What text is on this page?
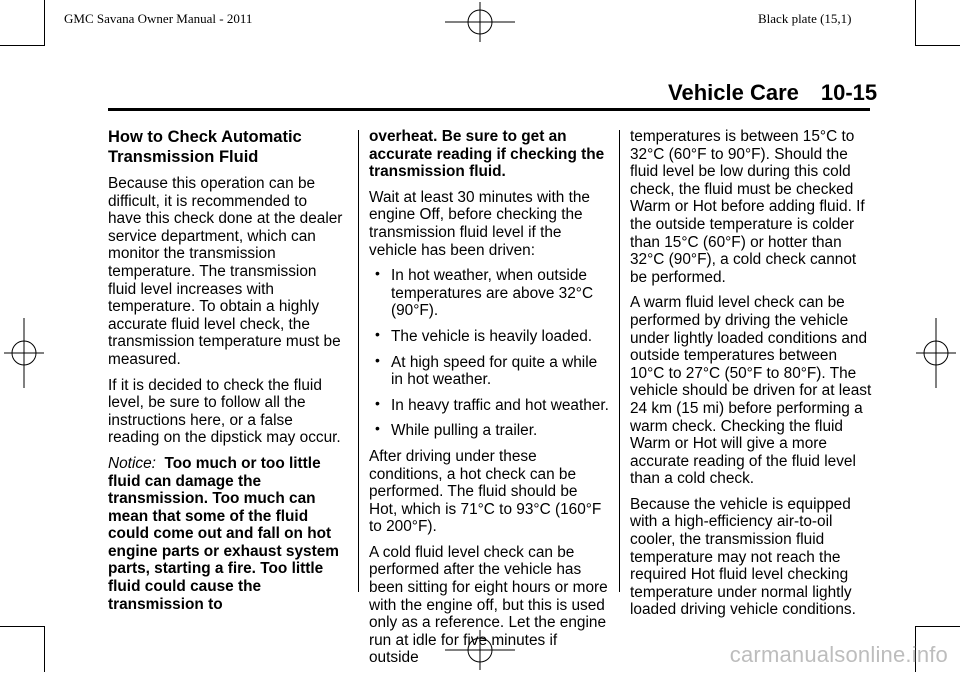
GMC Savana Owner Manual - 2011	Black plate (15,1)
Vehicle Care 10-15
How to Check Automatic Transmission Fluid

Because this operation can be difficult, it is recommended to have this check done at the dealer service department, which can monitor the transmission temperature. The transmission fluid level increases with temperature. To obtain a highly accurate fluid level check, the transmission temperature must be measured.

If it is decided to check the fluid level, be sure to follow all the instructions here, or a false reading on the dipstick may occur.

Notice: Too much or too little fluid can damage the transmission. Too much can mean that some of the fluid could come out and fall on hot engine parts or exhaust system parts, starting a fire. Too little fluid could cause the transmission to

overheat. Be sure to get an accurate reading if checking the transmission fluid.

Wait at least 30 minutes with the engine Off, before checking the transmission fluid level if the vehicle has been driven:

• In hot weather, when outside temperatures are above 32°C (90°F).
• The vehicle is heavily loaded.
• At high speed for quite a while in hot weather.
• In heavy traffic and hot weather.
• While pulling a trailer.

After driving under these conditions, a hot check can be performed. The fluid should be Hot, which is 71°C to 93°C (160°F to 200°F).

A cold fluid level check can be performed after the vehicle has been sitting for eight hours or more with the engine off, but this is used only as a reference. Let the engine run at idle for five minutes if outside

temperatures is between 15°C to 32°C (60°F to 90°F). Should the fluid level be low during this cold check, the fluid must be checked Warm or Hot before adding fluid. If the outside temperature is colder than 15°C (60°F) or hotter than 32°C (90°F), a cold check cannot be performed.

A warm fluid level check can be performed by driving the vehicle under lightly loaded conditions and outside temperatures between 10°C to 27°C (50°F to 80°F). The vehicle should be driven for at least 24 km (15 mi) before performing a warm check. Checking the fluid Warm or Hot will give a more accurate reading of the fluid level than a cold check.

Because the vehicle is equipped with a high-efficiency air-to-oil cooler, the transmission fluid temperature may not reach the required Hot fluid level checking temperature under normal lightly loaded driving vehicle conditions.

carmanualsonline.info
